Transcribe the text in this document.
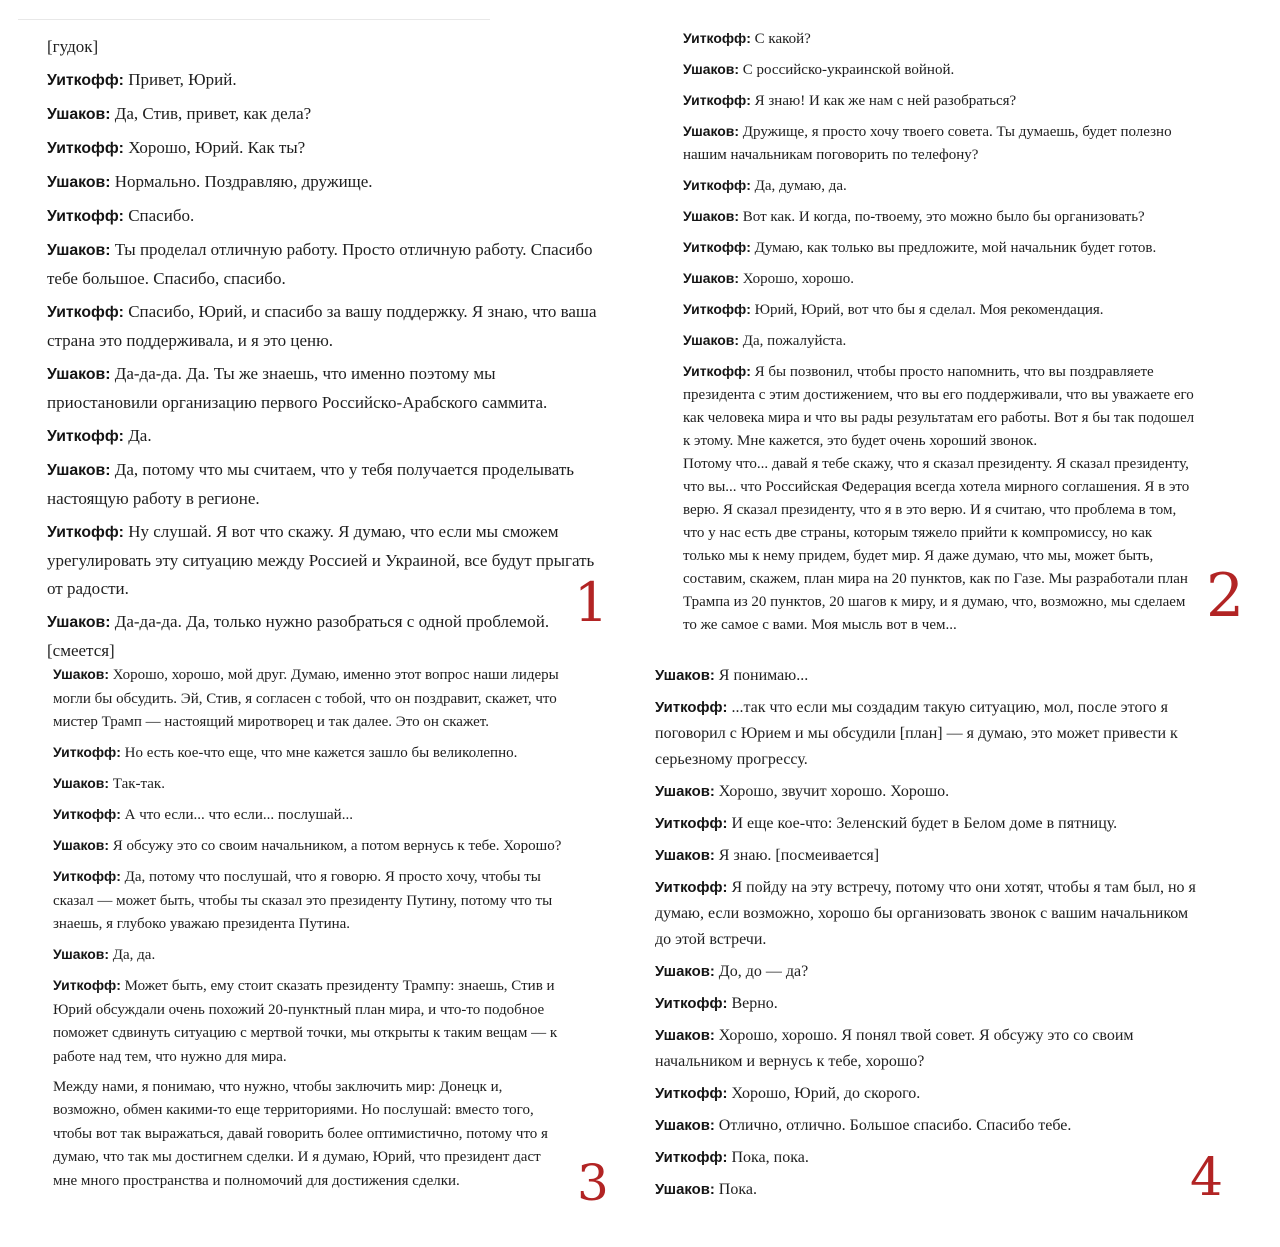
[гудок]

Уиткофф: Привет, Юрий.

Ушаков: Да, Стив, привет, как дела?

Уиткофф: Хорошо, Юрий. Как ты?

Ушаков: Нормально. Поздравляю, дружище.

Уиткофф: Спасибо.

Ушаков: Ты проделал отличную работу. Просто отличную работу. Спасибо тебе большое. Спасибо, спасибо.

Уиткофф: Спасибо, Юрий, и спасибо за вашу поддержку. Я знаю, что ваша страна это поддерживала, и я это ценю.

Ушаков: Да-да-да. Да. Ты же знаешь, что именно поэтому мы приостановили организацию первого Российско-Арабского саммита.

Уиткофф: Да.

Ушаков: Да, потому что мы считаем, что у тебя получается проделывать настоящую работу в регионе.

Уиткофф: Ну слушай. Я вот что скажу. Я думаю, что если мы сможем урегулировать эту ситуацию между Россией и Украиной, все будут прыгать от радости.

Ушаков: Да-да-да. Да, только нужно разобраться с одной проблемой. [смеется]

Уиткофф: С какой?

Ушаков: С российско-украинской войной.

Уиткофф: Я знаю! И как же нам с ней разобраться?

Ушаков: Дружище, я просто хочу твоего совета. Ты думаешь, будет полезно нашим начальникам поговорить по телефону?

Уиткофф: Да, думаю, да.

Ушаков: Вот как. И когда, по-твоему, это можно было бы организовать?

Уиткофф: Думаю, как только вы предложите, мой начальник будет готов.

Ушаков: Хорошо, хорошо.

Уиткофф: Юрий, Юрий, вот что бы я сделал. Моя рекомендация.

Ушаков: Да, пожалуйста.

Уиткофф: Я бы позвонил, чтобы просто напомнить, что вы поздравляете президента с этим достижением, что вы его поддерживали, что вы уважаете его как человека мира и что вы рады результатам его работы. Вот я бы так подошел к этому. Мне кажется, это будет очень хороший звонок.

Потому что... давай я тебе скажу, что я сказал президенту. Я сказал президенту, что вы... что Российская Федерация всегда хотела мирного соглашения. Я в это верю. Я сказал президенту, что я в это верю. И я считаю, что проблема в том, что у нас есть две страны, которым тяжело прийти к компромиссу, но как только мы к нему придем, будет мир. Я даже думаю, что мы, может быть, составим, скажем, план мира на 20 пунктов, как по Газе. Мы разработали план Трампа из 20 пунктов, 20 шагов к миру, и я думаю, что, возможно, мы сделаем то же самое с вами. Моя мысль вот в чем...

Ушаков: Хорошо, хорошо, мой друг. Думаю, именно этот вопрос наши лидеры могли бы обсудить. Эй, Стив, я согласен с тобой, что он поздравит, скажет, что мистер Трамп — настоящий миротворец и так далее. Это он скажет.

Уиткофф: Но есть кое-что еще, что мне кажется зашло бы великолепно.

Ушаков: Так-так.

Уиткофф: А что если... что если... послушай...

Ушаков: Я обсужу это со своим начальником, а потом вернусь к тебе. Хорошо?

Уиткофф: Да, потому что послушай, что я говорю. Я просто хочу, чтобы ты сказал — может быть, чтобы ты сказал это президенту Путину, потому что ты знаешь, я глубоко уважаю президента Путина.

Ушаков: Да, да.

Уиткофф: Может быть, ему стоит сказать президенту Трампу: знаешь, Стив и Юрий обсуждали очень похожий 20-пунктный план мира, и что-то подобное поможет сдвинуть ситуацию с мертвой точки, мы открыты к таким вещам — к работе над тем, что нужно для мира.

Между нами, я понимаю, что нужно, чтобы заключить мир: Донецк и, возможно, обмен какими-то еще территориями. Но послушай: вместо того, чтобы вот так выражаться, давай говорить более оптимистично, потому что я думаю, что так мы достигнем сделки. И я думаю, Юрий, что президент даст мне много пространства и полномочий для достижения сделки.

Ушаков: Я понимаю...

Уиткофф: ...так что если мы создадим такую ситуацию, мол, после этого я поговорил с Юрием и мы обсудили [план] — я думаю, это может привести к серьезному прогрессу.

Ушаков: Хорошо, звучит хорошо. Хорошо.

Уиткофф: И еще кое-что: Зеленский будет в Белом доме в пятницу.

Ушаков: Я знаю. [посмеивается]

Уиткофф: Я пойду на эту встречу, потому что они хотят, чтобы я там был, но я думаю, если возможно, хорошо бы организовать звонок с вашим начальником до этой встречи.

Ушаков: До, до — да?

Уиткофф: Верно.

Ушаков: Хорошо, хорошо. Я понял твой совет. Я обсужу это со своим начальником и вернусь к тебе, хорошо?

Уиткофф: Хорошо, Юрий, до скорого.

Ушаков: Отлично, отлично. Большое спасибо. Спасибо тебе.

Уиткофф: Пока, пока.

Ушаков: Пока.

1	2
3	4
